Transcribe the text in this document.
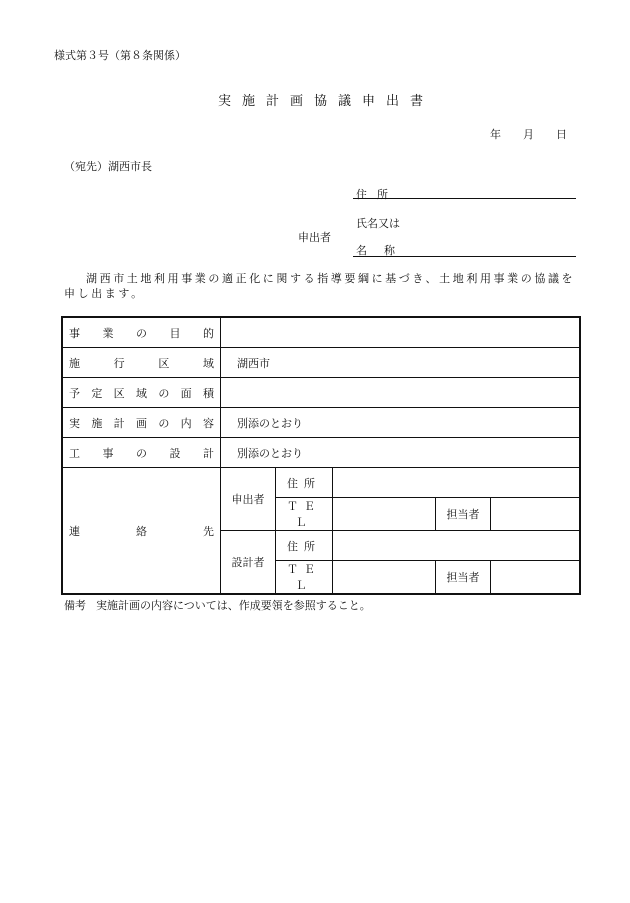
様式第３号（第８条関係）
実施計画協議申出書
年 月 日
（宛先）湖西市長
申出者
住所
氏名又は
名称
湖西市土地利用事業の適正化に関する指導要綱に基づき、土地利用事業の協議を申し出ます。
事業の目的					
施行区域	湖西市				
予定区域の面積					
実施計画の内容	別添のとおり				
工事の設計	別添のとおり				
連絡先	申出者	住所			
		ＴＥＬ		担当者	
	設計者	住所			
		ＴＥＬ		担当者	
備考 実施計画の内容については、作成要領を参照すること。
